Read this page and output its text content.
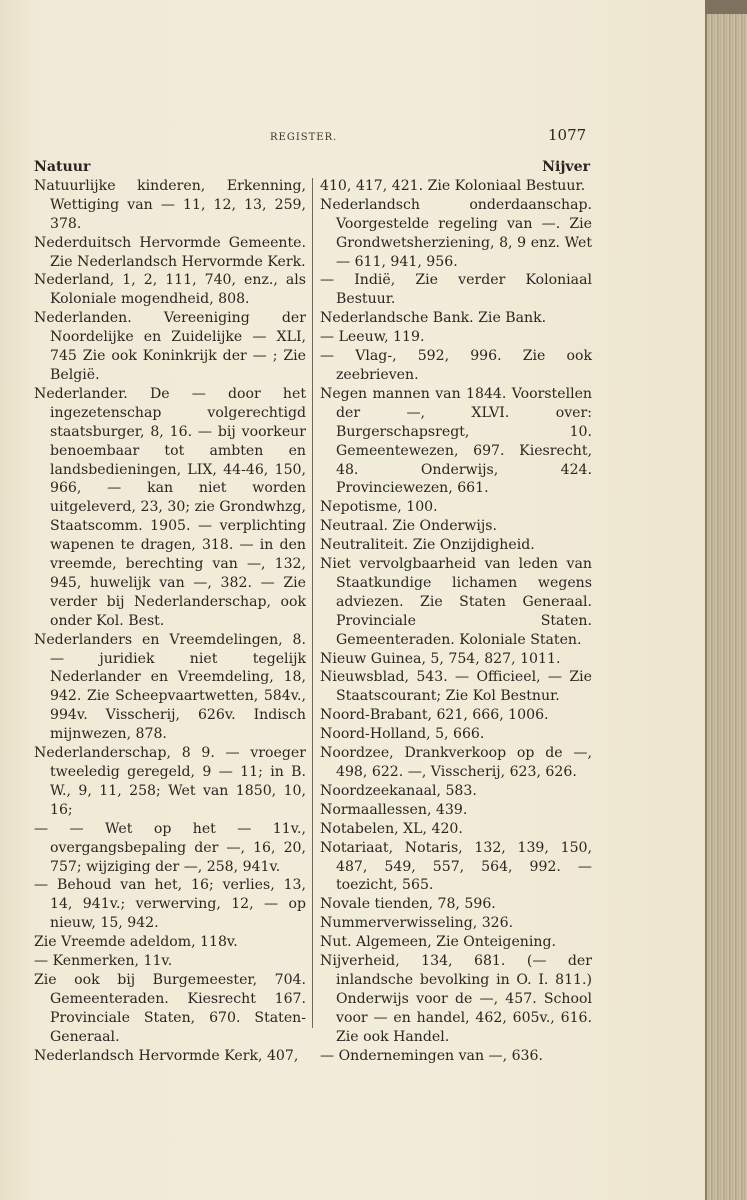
REGISTER.	1077
Natuur
Natuurlijke kinderen, Erkenning, Wettiging van — 11, 12, 13, 259, 378.
Nederduitsch Hervormde Gemeente. Zie Nederlandsch Hervormde Kerk.
Nederland, 1, 2, 111, 740, enz., als Koloniale mogendheid, 808.
Nederlanden. Vereeniging der Noordelijke en Zuidelijke — XLI, 745 Zie ook Koninkrijk der — ; Zie België.
Nederlander. De — door het ingezetenschap volgerechtigd staatsburger, 8, 16. — bij voorkeur benoembaar tot ambten en landsbedieningen, LIX, 44-46, 150, 966, — kan niet worden uitgeleverd, 23, 30; zie Grondwhzg, Staatscomm. 1905. — verplichting wapenen te dragen, 318. — in den vreemde, berechting van —, 132, 945, huwelijk van —, 382. — Zie verder bij Nederlanderschap, ook onder Kol. Best.
Nederlanders en Vreemdelingen, 8. — juridiek niet tegelijk Nederlander en Vreemdeling, 18, 942. Zie Scheepvaartwetten, 584v., 994v. Visscherij, 626v. Indisch mijnwezen, 878.
Nederlanderschap, 8 9. — vroeger tweeledig geregeld, 9 — 11; in B. W., 9, 11, 258; Wet van 1850, 10, 16;
— — Wet op het — 11v., overgangsbepaling der —, 16, 20, 757; wijziging der —, 258, 941v.
— Behoud van het, 16; verlies, 13, 14, 941v.; verwerving, 12, — op nieuw, 15, 942.
Zie Vreemde adeldom, 118v.
— Kenmerken, 11v.
Zie ook bij Burgemeester, 704. Gemeenteraden. Kiesrecht 167. Provinciale Staten, 670. Staten-Generaal.
Nederlandsch Hervormde Kerk, 407,
Nijver
410, 417, 421. Zie Koloniaal Bestuur.
Nederlandsch onderdaanschap. Voorgestelde regeling van —. Zie Grondwetsherziening, 8, 9 enz. Wet — 611, 941, 956.
— Indië, Zie verder Koloniaal Bestuur.
Nederlandsche Bank. Zie Bank.
— Leeuw, 119.
— Vlag-, 592, 996. Zie ook zeebrieven.
Negen mannen van 1844. Voorstellen der —, XLVI. over: Burgerschapsregt, 10. Gemeentewezen, 697. Kiesrecht, 48. Onderwijs, 424. Provinciewezen, 661.
Nepotisme, 100.
Neutraal. Zie Onderwijs.
Neutraliteit. Zie Onzijdigheid.
Niet vervolgbaarheid van leden van Staatkundige lichamen wegens adviezen. Zie Staten Generaal. Provinciale Staten. Gemeenteraden. Koloniale Staten.
Nieuw Guinea, 5, 754, 827, 1011.
Nieuwsblad, 543. — Officieel, — Zie Staatscourant; Zie Kol Bestnur.
Noord-Brabant, 621, 666, 1006.
Noord-Holland, 5, 666.
Noordzee, Drankverkoop op de —, 498, 622. —, Visscherij, 623, 626.
Noordzeekanaal, 583.
Normaallessen, 439.
Notabelen, XL, 420.
Notariaat, Notaris, 132, 139, 150, 487, 549, 557, 564, 992. — toezicht, 565.
Novale tienden, 78, 596.
Nummerverwisseling, 326.
Nut. Algemeen, Zie Onteigening.
Nijverheid, 134, 681. (— der inlandsche bevolking in O. I. 811.) Onderwijs voor de —, 457. School voor — en handel, 462, 605v., 616. Zie ook Handel.
— Ondernemingen van —, 636.
